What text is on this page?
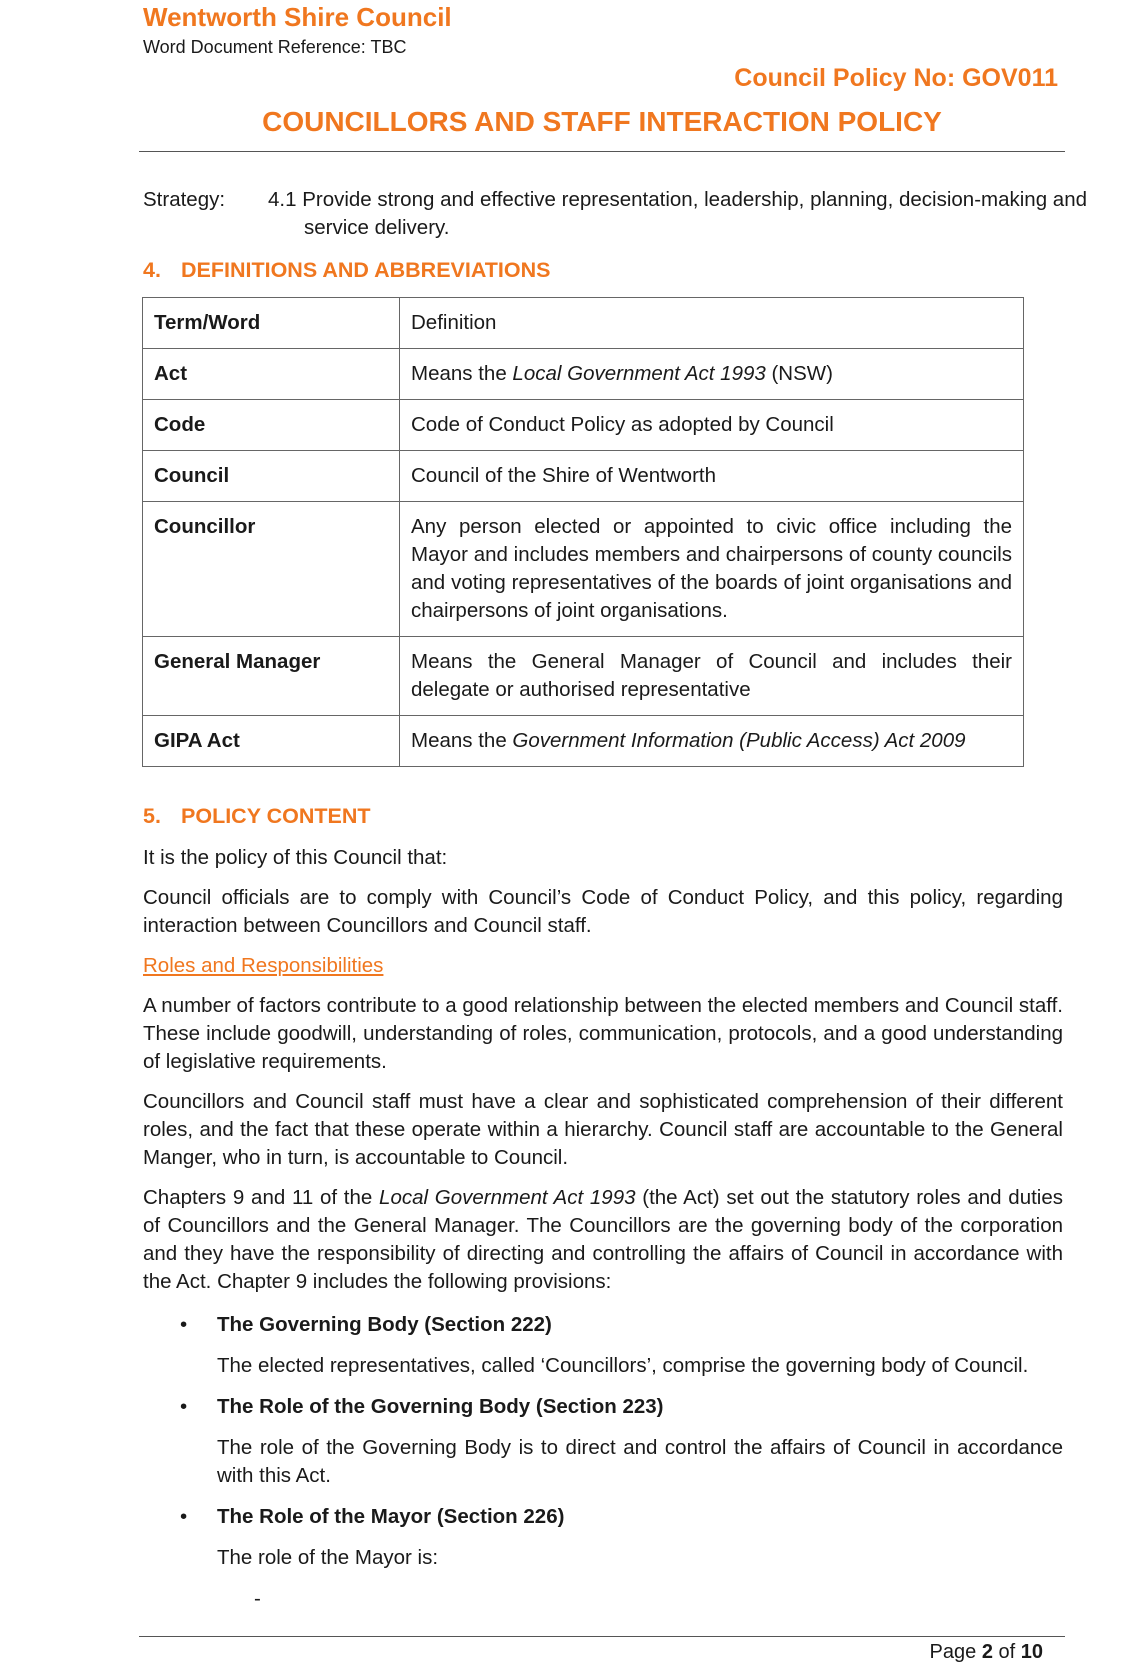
Wentworth Shire Council
Word Document Reference: TBC
Council Policy No: GOV011
COUNCILLORS AND STAFF INTERACTION POLICY
Strategy: 4.1 Provide strong and effective representation, leadership, planning, decision-making and service delivery.
4. DEFINITIONS AND ABBREVIATIONS
Term/Word	Definition
Act	Means the Local Government Act 1993 (NSW)
Code	Code of Conduct Policy as adopted by Council
Council	Council of the Shire of Wentworth
Councillor	Any person elected or appointed to civic office including the Mayor and includes members and chairpersons of county councils and voting representatives of the boards of joint organisations and chairpersons of joint organisations.
General Manager	Means the General Manager of Council and includes their delegate or authorised representative
GIPA Act	Means the Government Information (Public Access) Act 2009
5. POLICY CONTENT
It is the policy of this Council that:
Council officials are to comply with Council’s Code of Conduct Policy, and this policy, regarding interaction between Councillors and Council staff.
Roles and Responsibilities
A number of factors contribute to a good relationship between the elected members and Council staff. These include goodwill, understanding of roles, communication, protocols, and a good understanding of legislative requirements.
Councillors and Council staff must have a clear and sophisticated comprehension of their different roles, and the fact that these operate within a hierarchy. Council staff are accountable to the General Manger, who in turn, is accountable to Council.
Chapters 9 and 11 of the Local Government Act 1993 (the Act) set out the statutory roles and duties of Councillors and the General Manager. The Councillors are the governing body of the corporation and they have the responsibility of directing and controlling the affairs of Council in accordance with the Act. Chapter 9 includes the following provisions:
• The Governing Body (Section 222)
The elected representatives, called ‘Councillors’, comprise the governing body of Council.
• The Role of the Governing Body (Section 223)
The role of the Governing Body is to direct and control the affairs of Council in accordance with this Act.
• The Role of the Mayor (Section 226)
The role of the Mayor is:
-
Page 2 of 10
